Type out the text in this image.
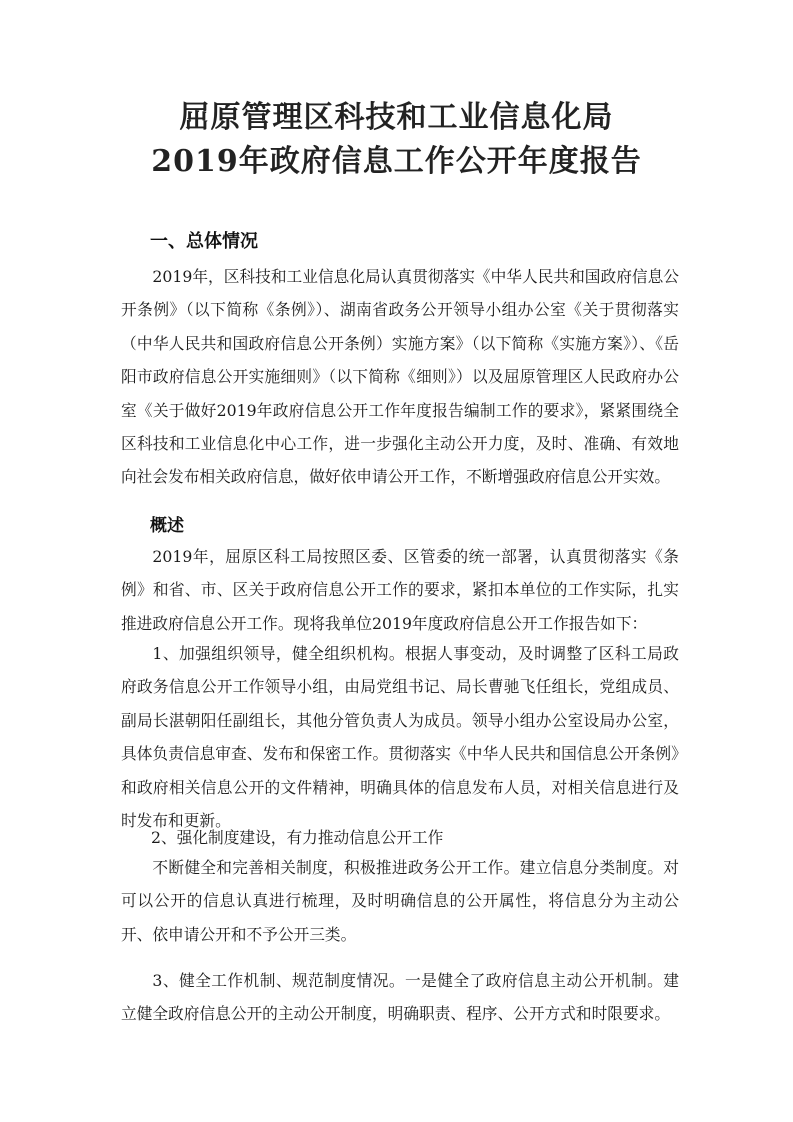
屈原管理区科技和工业信息化局
2019年政府信息工作公开年度报告
一、总体情况

2019年，区科技和工业信息化局认真贯彻落实《中华人民共和国政府信息公开条例》（以下简称《条例》）、湖南省政务公开领导小组办公室《关于贯彻落实（中华人民共和国政府信息公开条例）实施方案》（以下简称《实施方案》）、《岳阳市政府信息公开实施细则》（以下简称《细则》）以及屈原管理区人民政府办公室《关于做好2019年政府信息公开工作年度报告编制工作的要求》，紧紧围绕全区科技和工业信息化中心工作，进一步强化主动公开力度，及时、准确、有效地向社会发布相关政府信息，做好依申请公开工作，不断增强政府信息公开实效。

概述

2019年，屈原区科工局按照区委、区管委的统一部署，认真贯彻落实《条例》和省、市、区关于政府信息公开工作的要求，紧扣本单位的工作实际，扎实推进政府信息公开工作。现将我单位2019年度政府信息公开工作报告如下：

1、加强组织领导，健全组织机构。根据人事变动，及时调整了区科工局政府政务信息公开工作领导小组，由局党组书记、局长曹驰飞任组长，党组成员、副局长湛朝阳任副组长，其他分管负责人为成员。领导小组办公室设局办公室，具体负责信息审查、发布和保密工作。贯彻落实《中华人民共和国信息公开条例》和政府相关信息公开的文件精神，明确具体的信息发布人员，对相关信息进行及时发布和更新。

2、强化制度建设，有力推动信息公开工作

不断健全和完善相关制度，积极推进政务公开工作。建立信息分类制度。对可以公开的信息认真进行梳理，及时明确信息的公开属性，将信息分为主动公开、依申请公开和不予公开三类。

3、健全工作机制、规范制度情况。一是健全了政府信息主动公开机制。建立健全政府信息公开的主动公开制度，明确职责、程序、公开方式和时限要求。
